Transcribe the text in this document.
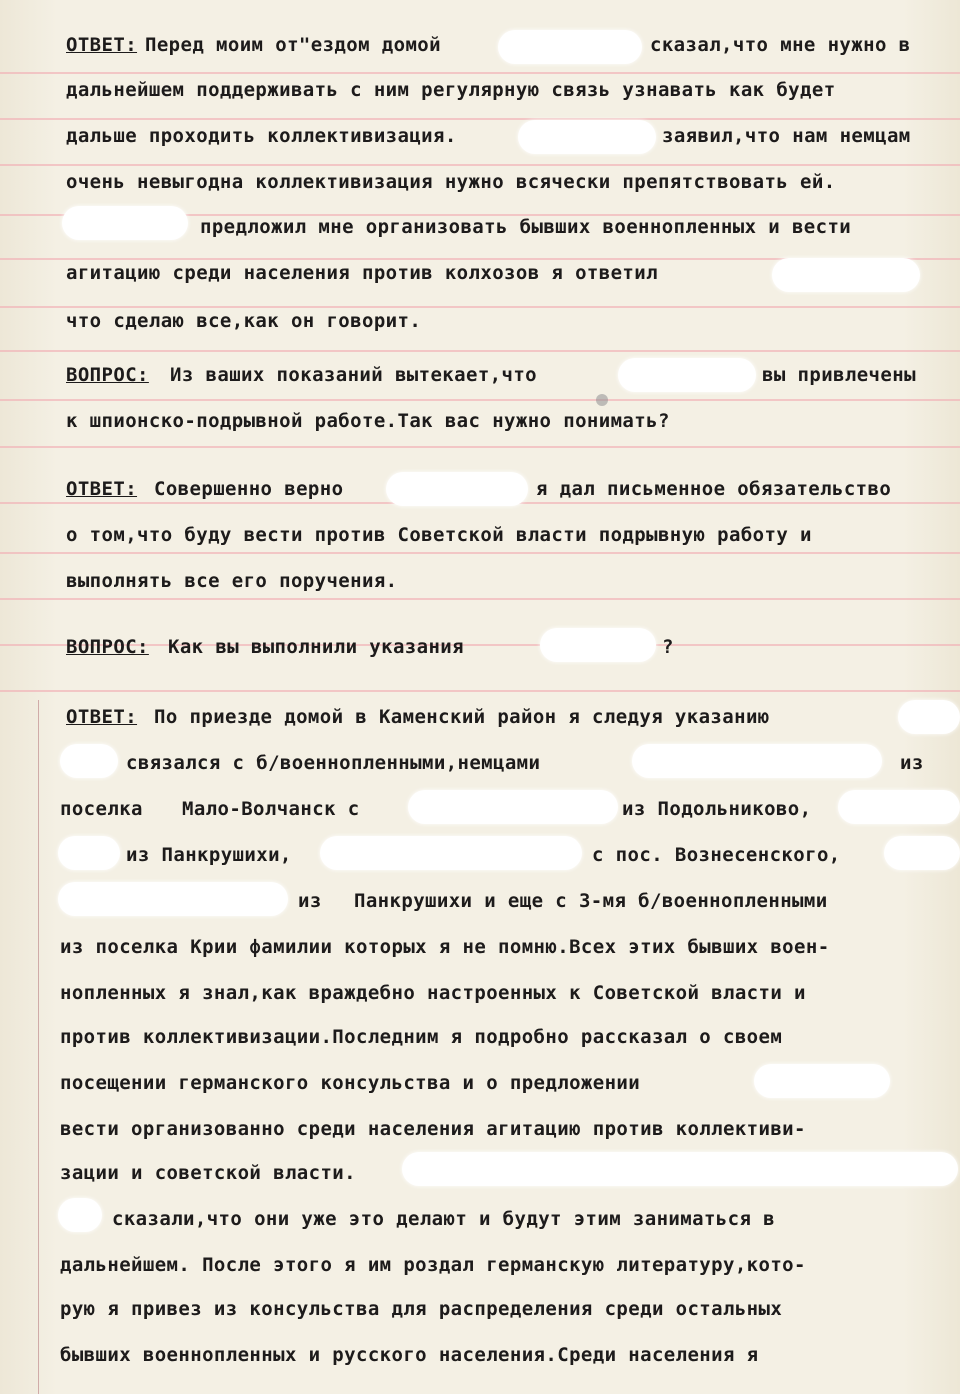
ОТВЕТ: Перед моим от"ездом домой	сказал,что мне нужно в
дальнейшем поддерживать с ним регулярную связь узнавать как будет
дальше проходить коллективизация.	заявил,что нам немцам
очень невыгодна коллективизация нужно всячески препятствовать ей.
предложил мне организовать бывших военнопленных и вести
агитацию среди населения против колхозов я ответил
что сделаю все,как он говорит.
ВОПРОС: Из ваших показаний вытекает,что	вы привлечены
к шпионско-подрывной работе.Так вас нужно понимать?
ОТВЕТ: Совершенно верно	я дал письменное обязательство
о том,что буду вести против Советской власти подрывную работу и
выполнять все его поручения.
ВОПРОС: Как вы выполнили указания	?
ОТВЕТ: По приезде домой в Каменский район я следуя указанию
связался с б/военнопленными,немцами	из
поселка Мало-Волчанск с	из Подольниково,
из Панкрушихи,	с пос. Вознесенского,
из Панкрушихи и еще с 3-мя б/военнопленными
из поселка Крии фамилии которых я не помню.Всех этих бывших воен-
нопленных я знал,как враждебно настроенных к Советской власти и
против коллективизации.Последним я подробно рассказал о своем
посещении германского консульства и о предложении
вести организованно среди населения агитацию против коллективи-
зации и советской власти.
сказали,что они уже это делают и будут этим заниматься в
дальнейшем. После этого я им роздал германскую литературу,кото-
рую я привез из консульства для распределения среди остальных
бывших военнопленных и русского населения.Среди населения я
